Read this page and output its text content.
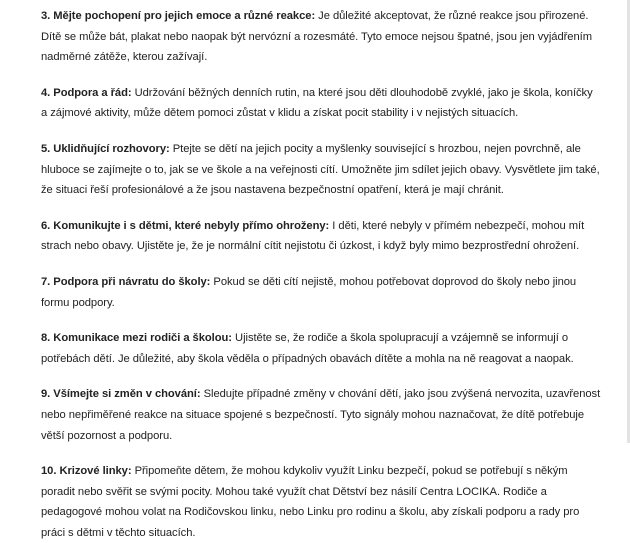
3. Mějte pochopení pro jejich emoce a různé reakce: Je důležité akceptovat, že různé reakce jsou přirozené. Dítě se může bát, plakat nebo naopak být nervózní a rozesmáté. Tyto emoce nejsou špatné, jsou jen vyjádřením nadměrné zátěže, kterou zažívají.

4. Podpora a řád: Udržování běžných denních rutin, na které jsou děti dlouhodobě zvyklé, jako je škola, koníčky a zájmové aktivity, může dětem pomoci zůstat v klidu a získat pocit stability i v nejistých situacích.

5. Uklidňující rozhovory: Ptejte se dětí na jejich pocity a myšlenky související s hrozbou, nejen povrchně, ale hluboce se zajímejte o to, jak se ve škole a na veřejnosti cítí. Umožněte jim sdílet jejich obavy. Vysvětlete jim také, že situaci řeší profesionálové a že jsou nastavena bezpečnostní opatření, která je mají chránit.

6. Komunikujte i s dětmi, které nebyly přímo ohroženy: I děti, které nebyly v přímém nebezpečí, mohou mít strach nebo obavy. Ujistěte je, že je normální cítit nejistotu či úzkost, i když byly mimo bezprostřední ohrožení.

7. Podpora při návratu do školy: Pokud se děti cítí nejistě, mohou potřebovat doprovod do školy nebo jinou formu podpory.

8. Komunikace mezi rodiči a školou: Ujistěte se, že rodiče a škola spolupracují a vzájemně se informují o potřebách dětí. Je důležité, aby škola věděla o případných obavách dítěte a mohla na ně reagovat a naopak.

9. Všímejte si změn v chování: Sledujte případné změny v chování dětí, jako jsou zvýšená nervozita, uzavřenost nebo nepřiměřené reakce na situace spojené s bezpečností. Tyto signály mohou naznačovat, že dítě potřebuje větší pozornost a podporu.

10. Krizové linky: Připomeňte dětem, že mohou kdykoliv využít Linku bezpečí, pokud se potřebují s někým poradit nebo svěřit se svými pocity. Mohou také využít chat Dětství bez násilí Centra LOCIKA. Rodiče a pedagogové mohou volat na Rodičovskou linku, nebo Linku pro rodinu a školu, aby získali podporu a rady pro práci s dětmi v těchto situacích.
